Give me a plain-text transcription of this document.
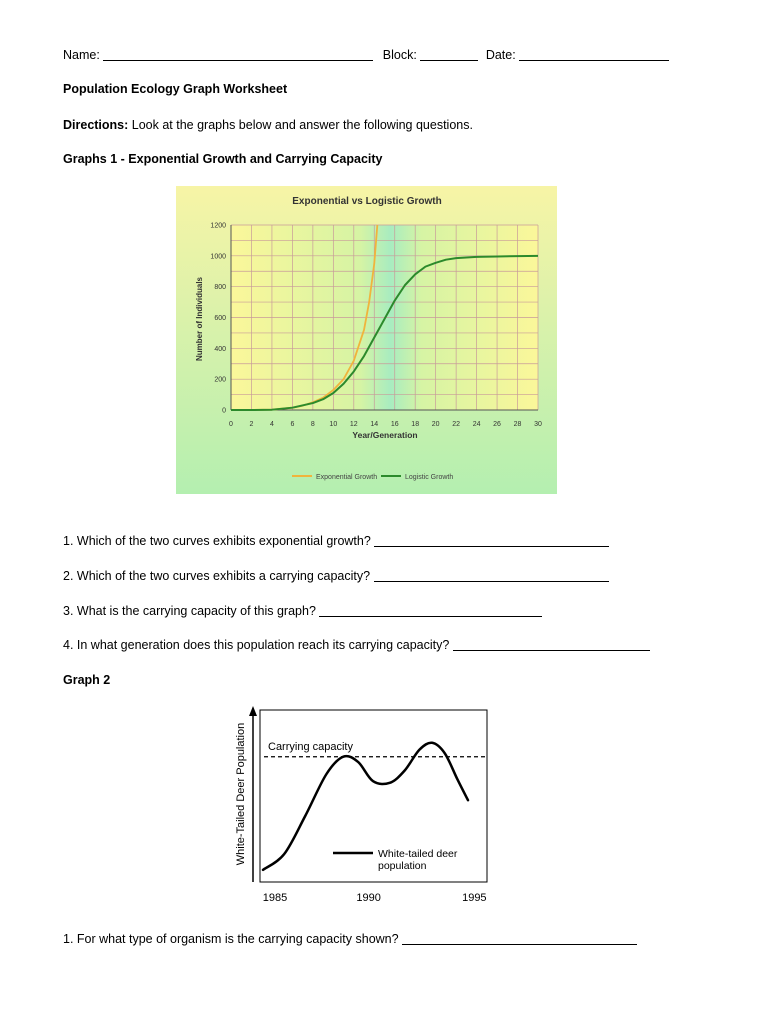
Name:	Block:	Date:
Population Ecology Graph Worksheet
Directions: Look at the graphs below and answer the following questions.
Graphs 1 - Exponential Growth and Carrying Capacity
0 2 4 6 8 10 12 14 16 18 20 22 24 26 28 30
0
200
400
600
800
1000
1200
Exponential vs Logistic Growth
Year/Generation
Number of Individuals
Exponential Growth	Logistic Growth
1. Which of the two curves exhibits exponential growth?
2. Which of the two curves exhibits a carrying capacity?
3. What is the carrying capacity of this graph?
4. In what generation does this population reach its carrying capacity?
Graph 2
White-Tailed Deer Population Carrying capacity
White-tailed deer population
1985	1990	1995
1. For what type of organism is the carrying capacity shown?
